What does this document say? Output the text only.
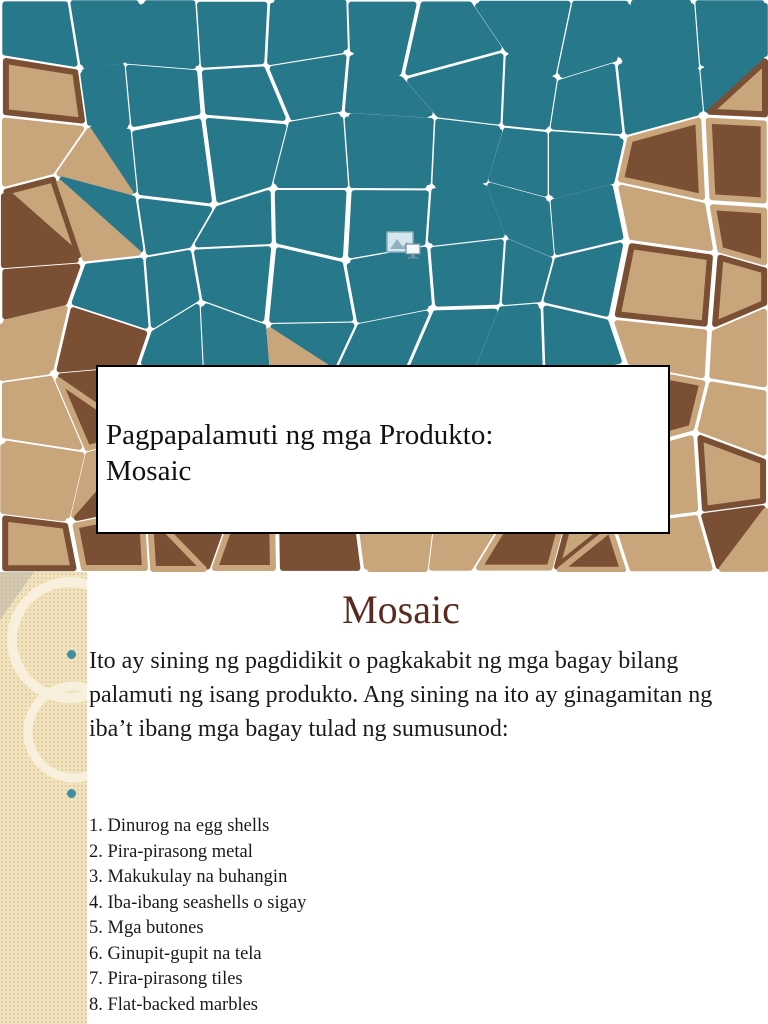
Pagpapalamuti ng mga Produkto:
Mosaic
Mosaic
Ito ay sining ng pagdidikit o pagkakabit ng mga bagay bilang palamuti ng isang produkto. Ang sining na ito ay ginagamitan ng iba’t ibang mga bagay tulad ng sumusunod:
1. Dinurog na egg shells
2. Pira-pirasong metal
3. Makukulay na buhangin
4. Iba-ibang seashells o sigay
5. Mga butones
6. Ginupit-gupit na tela
7. Pira-pirasong tiles
8. Flat-backed marbles
